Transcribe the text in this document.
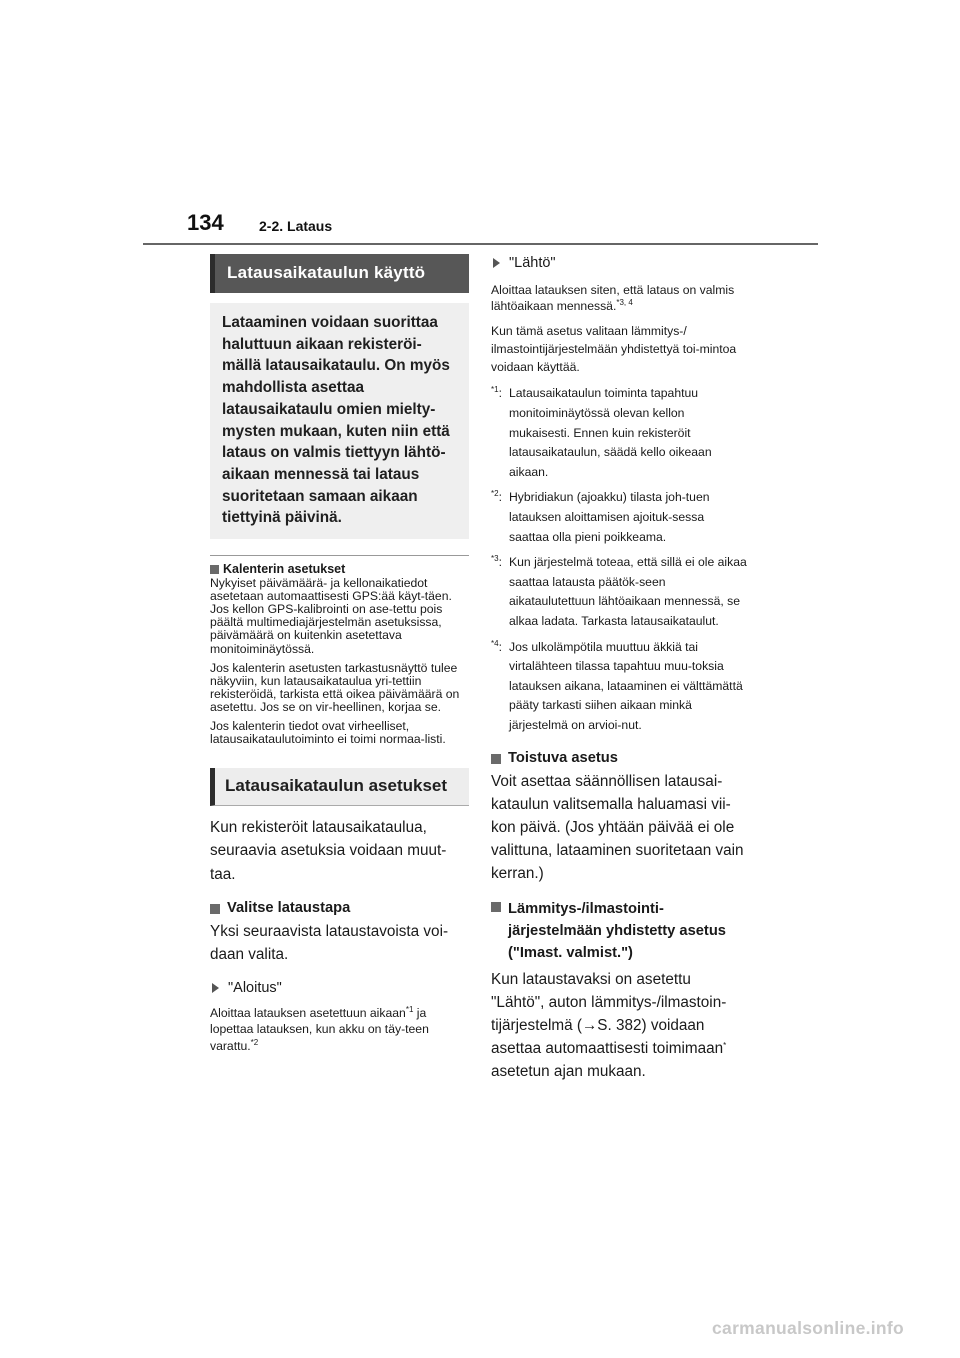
134	2-2. Lataus
Latausaikataulun käyttö
Lataaminen voidaan suorittaa haluttuun aikaan rekisteröi-mällä latausaikataulu. On myös mahdollista asettaa latausaikataulu omien mielty-mysten mukaan, kuten niin että lataus on valmis tiettyyn lähtö-aikaan mennessä tai lataus suoritetaan samaan aikaan tiettyinä päivinä.
Kalenterin asetukset
Nykyiset päivämäärä- ja kellonaikatiedot asetetaan automaattisesti GPS:ää käyt-täen. Jos kellon GPS-kalibrointi on ase-tettu pois päältä multimediajärjestelmän asetuksissa, päivämäärä on kuitenkin asetettava monitoiminäytössä.
Jos kalenterin asetusten tarkastusnäyttö tulee näkyviin, kun latausaikataulua yri-tettiin rekisteröidä, tarkista että oikea päivämäärä on asetettu. Jos se on vir-heellinen, korjaa se.
Jos kalenterin tiedot ovat virheelliset, latausaikataulutoiminto ei toimi normaa-listi.
Latausaikataulun asetukset
Kun rekisteröit latausaikataulua, seuraavia asetuksia voidaan muut-taa.
Valitse lataustapa
Yksi seuraavista lataustavoista voi-daan valita.
"Aloitus"
Aloittaa latauksen asetettuun aikaan$^{*1}$ ja lopettaa latauksen, kun akku on täy-teen varattu.$^{*2}$
"Lähtö"
Aloittaa latauksen siten, että lataus on valmis lähtöaikaan mennessä.$^{*3, 4}$
Kun tämä asetus valitaan lämmitys-/ ilmastointijärjestelmään yhdistettyä toi-mintoa voidaan käyttää.
$^{*1}$: Latausaikataulun toiminta tapahtuu monitoiminäytössä olevan kellon mukaisesti. Ennen kuin rekisteröit latausaikataulun, säädä kello oikeaan aikaan.
$^{*2}$: Hybridiakun (ajoakku) tilasta joh-tuen latauksen aloittamisen ajoituk-sessa saattaa olla pieni poikkeama.
$^{*3}$: Kun järjestelmä toteaa, että sillä ei ole aikaa saattaa latausta päätök-seen aikataulutettuun lähtöaikaan mennessä, se alkaa ladata. Tarkasta latausaikataulut.
$^{*4}$: Jos ulkolämpötila muuttuu äkkiä tai virtalähteen tilassa tapahtuu muu-toksia latauksen aikana, lataaminen ei välttämättä pääty tarkasti siihen aikaan minkä järjestelmä on arvioi-nut.
Toistuva asetus
Voit asettaa säännöllisen latausai-kataulun valitsemalla haluamasi vii-kon päivä. (Jos yhtään päivää ei ole valittuna, lataaminen suoritetaan vain kerran.)
Lämmitys-/ilmastointi-järjestelmään yhdistetty asetus ("Imast. valmist.")
Kun lataustavaksi on asetettu "Lähtö", auton lämmitys-/ilmastoin-tijärjestelmä (→S. 382) voidaan asettaa automaattisesti toimimaan* asetetun ajan mukaan.
carmanualsonline.info
